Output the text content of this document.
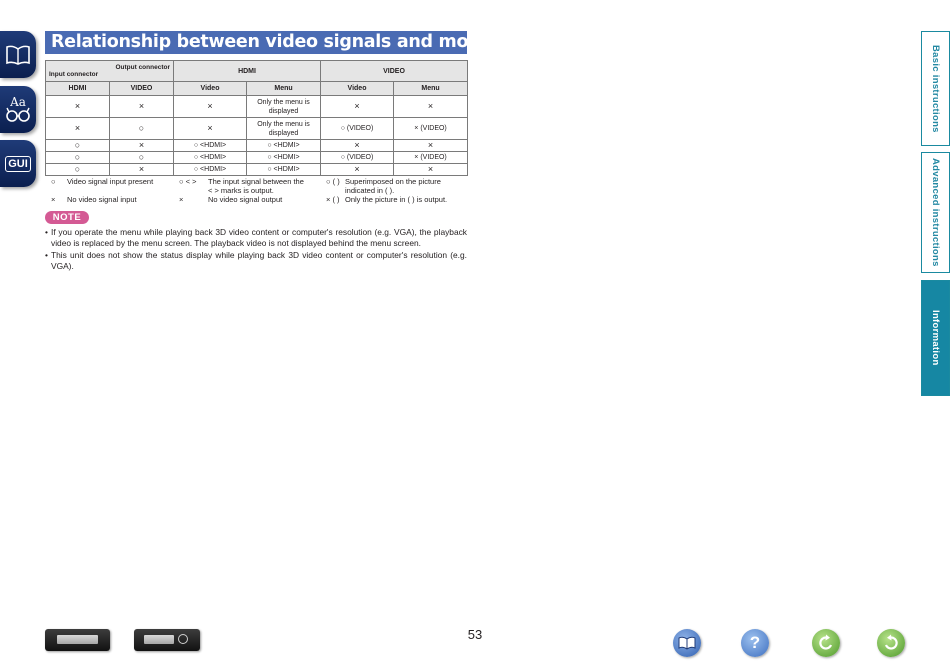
Aa
GUI
Relationship between video signals and monitor output
Output connector
Input connector		HDMI		VIDEO	
HDMI	VIDEO	Video	Menu	Video	Menu
×	×	×	Only the menu is displayed	×	×
×	○	×	Only the menu is displayed	○ (VIDEO)	× (VIDEO)
○	×	○ <HDMI>	○ <HDMI>	×	×
○	○	○ <HDMI>	○ <HDMI>	○ (VIDEO)	× (VIDEO)
○	×	○ <HDMI>	○ <HDMI>	×	×
○	Video signal input present
×	No video signal input
○ < >	The input signal between the
< > marks is output.
×	No video signal output
○ ( ) Superimposed on the picture
indicated in ( ).
× ( ) Only the picture in ( ) is output.
NOTE
• If you operate the menu while playing back 3D video content or computer's resolution (e.g. VGA), the playback video is replaced by the menu screen. The playback video is not displayed behind the menu screen.
• This unit does not show the status display while playing back 3D video content or computer's resolution (e.g. VGA).
Basic instructions
Advanced instructions
Information
53	?
